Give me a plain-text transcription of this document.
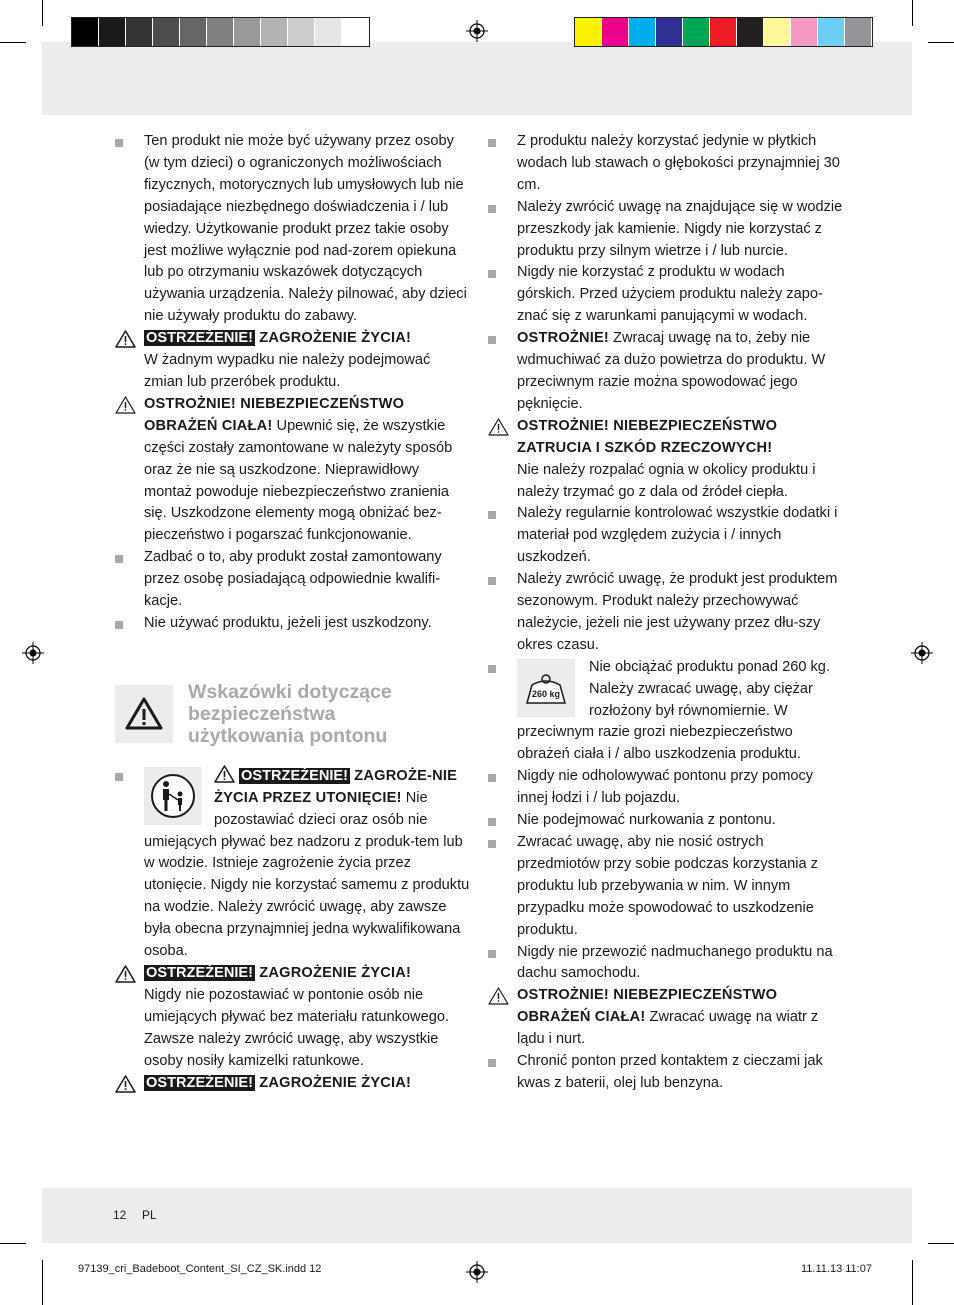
Ten produkt nie może być używany przez osoby (w tym dzieci) o ograniczonych możliwościach fizycznych, motorycznych lub umysłowych lub nie posiadające niezbędnego doświadczenia i / lub wiedzy. Użytkowanie produkt przez takie osoby jest możliwe wyłącznie pod nad-zorem opiekuna lub po otrzymaniu wskazówek dotyczących używania urządzenia. Należy pilnować, aby dzieci nie używały produktu do zabawy.

OSTRZEŻENIE! ZAGROŻENIE ŻYCIA!
W żadnym wypadku nie należy podejmować zmian lub przeróbek produktu.

OSTROŻNIE! NIEBEZPIECZEŃSTWO OBRAŻEŃ CIAŁA! Upewnić się, że wszystkie części zostały zamontowane w należyty sposób oraz że nie są uszkodzone. Nieprawidłowy montaż powoduje niebezpieczeństwo zranienia się. Uszkodzone elementy mogą obniżać bez-pieczeństwo i pogarszać funkcjonowanie.

Zadbać o to, aby produkt został zamontowany przez osobę posiadającą odpowiednie kwalifi-kacje.

Nie używać produktu, jeżeli jest uszkodzony.

Wskazówki dotyczące bezpieczeństwa użytkowania pontonu

OSTRZEŻENIE! ZAGROŻE-NIE ŻYCIA PRZEZ UTONIĘCIE! Nie pozostawiać dzieci oraz osób nie umiejących pływać bez nadzoru z produk-tem lub w wodzie. Istnieje zagrożenie życia przez utonięcie. Nigdy nie korzystać samemu z produktu na wodzie. Należy zwrócić uwagę, aby zawsze była obecna przynajmniej jedna wykwalifikowana osoba.

OSTRZEŻENIE! ZAGROŻENIE ŻYCIA!
Nigdy nie pozostawiać w pontonie osób nie umiejących pływać bez materiału ratunkowego. Zawsze należy zwrócić uwagę, aby wszystkie osoby nosiły kamizelki ratunkowe.

OSTRZEŻENIE! ZAGROŻENIE ŻYCIA!

Z produktu należy korzystać jedynie w płytkich wodach lub stawach o głębokości przynajmniej 30 cm.

Należy zwrócić uwagę na znajdujące się w wodzie przeszkody jak kamienie. Nigdy nie korzystać z produktu przy silnym wietrze i / lub nurcie.

Nigdy nie korzystać z produktu w wodach górskich. Przed użyciem produktu należy zapo-znać się z warunkami panującymi w wodach.

OSTROŻNIE! Zwracaj uwagę na to, żeby nie wdmuchiwać za dużo powietrza do produktu. W przeciwnym razie można spowodować jego pęknięcie.

OSTROŻNIE! NIEBEZPIECZEŃSTWO ZATRUCIA I SZKÓD RZECZOWYCH!
Nie należy rozpalać ognia w okolicy produktu i należy trzymać go z dala od źródeł ciepła.

Należy regularnie kontrolować wszystkie dodatki i materiał pod względem zużycia i / innych uszkodzeń.

Należy zwrócić uwagę, że produkt jest produktem sezonowym. Produkt należy przechowywać należycie, jeżeli nie jest używany przez dłu-szy okres czasu.

260 kg
Nie obciążać produktu ponad 260 kg. Należy zwracać uwagę, aby ciężar rozłożony był równomiernie. W przeciwnym razie grozi niebezpieczeństwo obrażeń ciała i / albo uszkodzenia produktu.

Nigdy nie odholowywać pontonu przy pomocy innej łodzi i / lub pojazdu.

Nie podejmować nurkowania z pontonu.

Zwracać uwagę, aby nie nosić ostrych przedmiotów przy sobie podczas korzystania z produktu lub przebywania w nim. W innym przypadku może spowodować to uszkodzenie produktu.

Nigdy nie przewozić nadmuchanego produktu na dachu samochodu.

OSTROŻNIE! NIEBEZPIECZEŃSTWO OBRAŻEŃ CIAŁA! Zwracać uwagę na wiatr z lądu i nurt.

Chronić ponton przed kontaktem z cieczami jak kwas z baterii, olej lub benzyna.

12 PL
97139_cri_Badeboot_Content_SI_CZ_SK.indd 12	11.11.13 11:07
